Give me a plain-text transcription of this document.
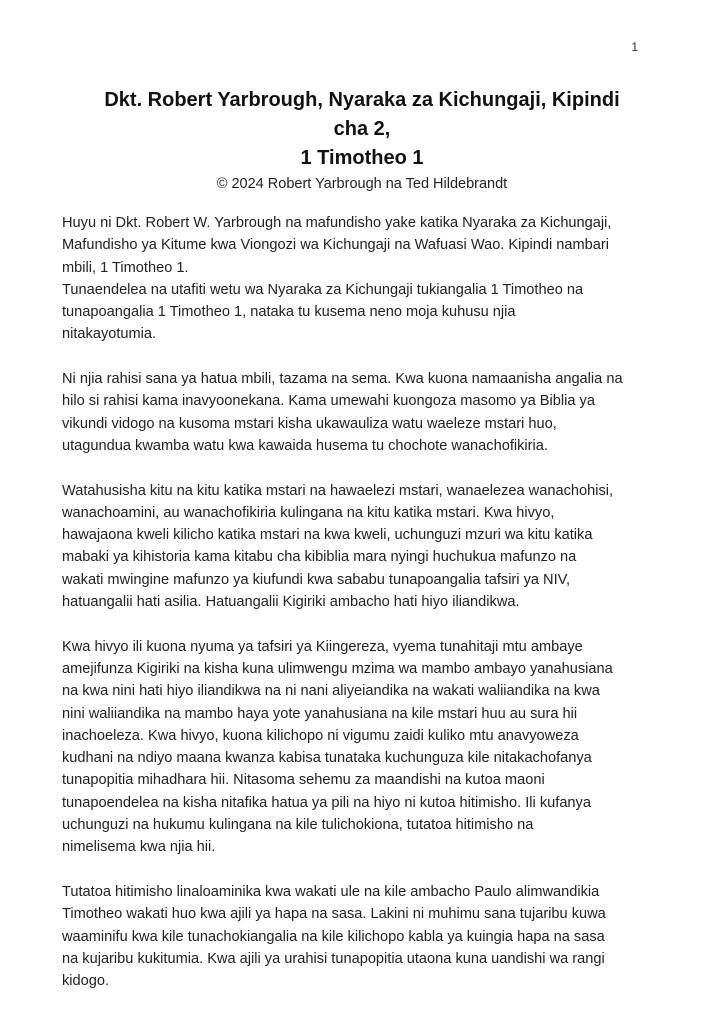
1
Dkt. Robert Yarbrough, Nyaraka za Kichungaji, Kipindi
cha 2,
1 Timotheo 1
© 2024 Robert Yarbrough na Ted Hildebrandt
Huyu ni Dkt. Robert W. Yarbrough na mafundisho yake katika Nyaraka za Kichungaji,
Mafundisho ya Kitume kwa Viongozi wa Kichungaji na Wafuasi Wao. Kipindi nambari
mbili, 1 Timotheo 1.
Tunaendelea na utafiti wetu wa Nyaraka za Kichungaji tukiangalia 1 Timotheo na
tunapoangalia 1 Timotheo 1, nataka tu kusema neno moja kuhusu njia
nitakayotumia.
Ni njia rahisi sana ya hatua mbili, tazama na sema. Kwa kuona namaanisha angalia na
hilo si rahisi kama inavyoonekana. Kama umewahi kuongoza masomo ya Biblia ya
vikundi vidogo na kusoma mstari kisha ukawauliza watu waeleze mstari huo,
utagundua kwamba watu kwa kawaida husema tu chochote wanachofikiria.
Watahusisha kitu na kitu katika mstari na hawaelezi mstari, wanaelezea wanachohisi,
wanachoamini, au wanachofikiria kulingana na kitu katika mstari. Kwa hivyo,
hawajaona kweli kilicho katika mstari na kwa kweli, uchunguzi mzuri wa kitu katika
mabaki ya kihistoria kama kitabu cha kibiblia mara nyingi huchukua mafunzo na
wakati mwingine mafunzo ya kiufundi kwa sababu tunapoangalia tafsiri ya NIV,
hatuangalii hati asilia. Hatuangalii Kigiriki ambacho hati hiyo iliandikwa.
Kwa hivyo ili kuona nyuma ya tafsiri ya Kiingereza, vyema tunahitaji mtu ambaye
amejifunza Kigiriki na kisha kuna ulimwengu mzima wa mambo ambayo yanahusiana
na kwa nini hati hiyo iliandikwa na ni nani aliyeiandika na wakati waliiandika na kwa
nini waliiandika na mambo haya yote yanahusiana na kile mstari huu au sura hii
inachoeleza. Kwa hivyo, kuona kilichopo ni vigumu zaidi kuliko mtu anavyoweza
kudhani na ndiyo maana kwanza kabisa tunataka kuchunguza kile nitakachofanya
tunapopitia mihadhara hii. Nitasoma sehemu za maandishi na kutoa maoni
tunapoendelea na kisha nitafika hatua ya pili na hiyo ni kutoa hitimisho. Ili kufanya
uchunguzi na hukumu kulingana na kile tulichokiona, tutatoa hitimisho na
nimelisema kwa njia hii.
Tutatoa hitimisho linaloaminika kwa wakati ule na kile ambacho Paulo alimwandikia
Timotheo wakati huo kwa ajili ya hapa na sasa. Lakini ni muhimu sana tujaribu kuwa
waaminifu kwa kile tunachokiangalia na kile kilichopo kabla ya kuingia hapa na sasa
na kujaribu kukitumia. Kwa ajili ya urahisi tunapopitia utaona kuna uandishi wa rangi
kidogo.
